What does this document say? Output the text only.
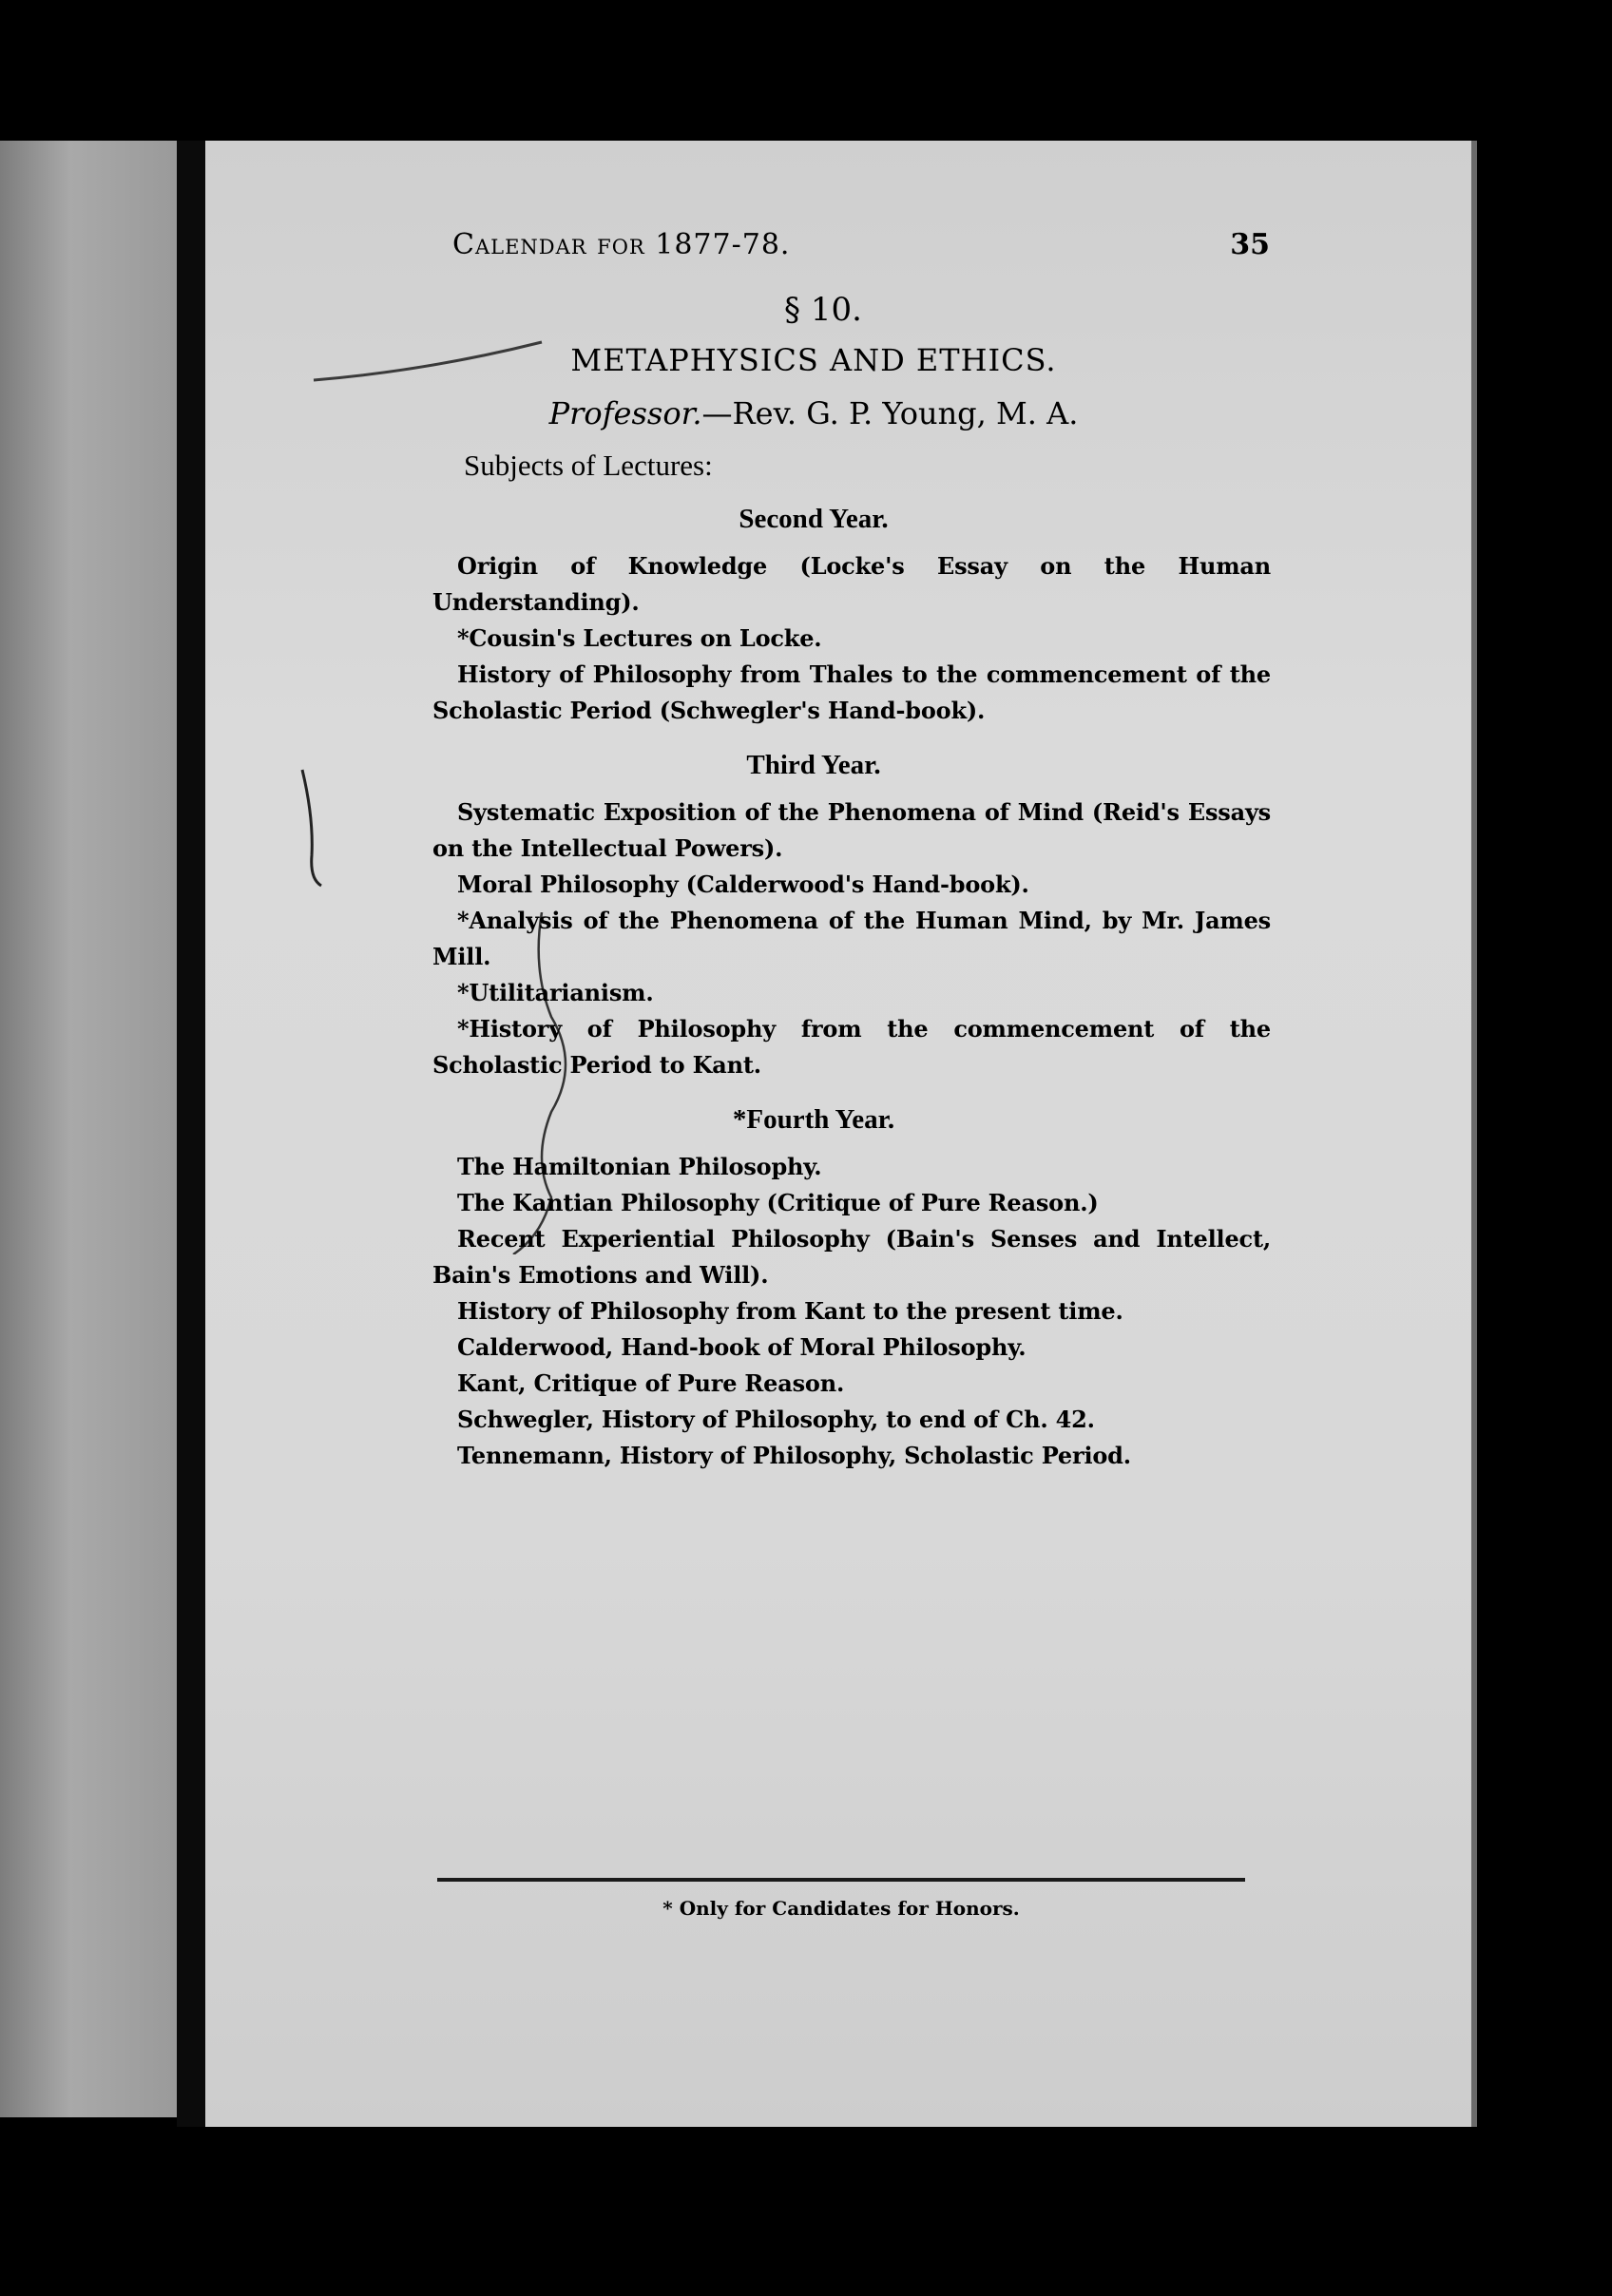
Calendar for 1877-78.	35
§ 10.
METAPHYSICS AND ETHICS.
Professor.—Rev. G. P. Young, M. A.
Subjects of Lectures:
Second Year.
Origin of Knowledge (Locke's Essay on the Human Understanding).
*Cousin's Lectures on Locke.
History of Philosophy from Thales to the commencement of the Scholastic Period (Schwegler's Hand-book).
Third Year.
Systematic Exposition of the Phenomena of Mind (Reid's Essays on the Intellectual Powers).
Moral Philosophy (Calderwood's Hand-book).
*Analysis of the Phenomena of the Human Mind, by Mr. James Mill.
*Utilitarianism.
*History of Philosophy from the commencement of the Scholastic Period to Kant.
*Fourth Year.
The Hamiltonian Philosophy.
The Kantian Philosophy (Critique of Pure Reason.)
Recent Experiential Philosophy (Bain's Senses and Intellect, Bain's Emotions and Will).
History of Philosophy from Kant to the present time.
Calderwood, Hand-book of Moral Philosophy.
Kant, Critique of Pure Reason.
Schwegler, History of Philosophy, to end of Ch. 42.
Tennemann, History of Philosophy, Scholastic Period.
* Only for Candidates for Honors.
